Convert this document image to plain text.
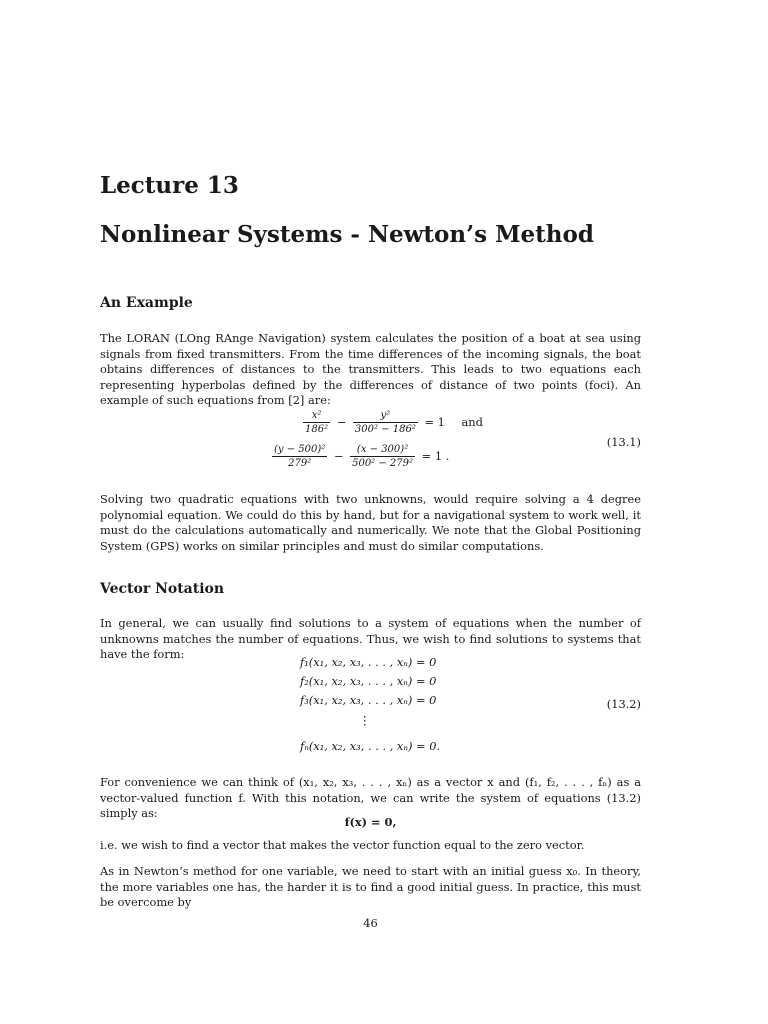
Lecture 13
Nonlinear Systems - Newton’s Method
An Example

The LORAN (LOng RAnge Navigation) system calculates the position of a boat at sea using signals from fixed transmitters. From the time differences of the incoming signals, the boat obtains differences of distances to the transmitters. This leads to two equations each representing hyperbolas defined by the differences of distance of two points (foci). An example of such equations from [2] are:

$\frac{\text{x²}}{\text{186²}} - \frac{\text{y²}}{\text{300² − 186²}} = 1$ and
$\frac{\text{(y − 500)²}}{\text{279²}} - \frac{\text{(x − 300)²}}{\text{500² − 279²}} = 1$ .
(13.1)

Solving two quadratic equations with two unknowns, would require solving a 4 degree polynomial equation. We could do this by hand, but for a navigational system to work well, it must do the calculations automatically and numerically. We note that the Global Positioning System (GPS) works on similar principles and must do similar computations.

Vector Notation

In general, we can usually find solutions to a system of equations when the number of unknowns matches the number of equations. Thus, we wish to find solutions to systems that have the form:

f₁(x₁, x₂, x₃, . . . , xₙ) = 0
f₂(x₁, x₂, x₃, . . . , xₙ) = 0
f₃(x₁, x₂, x₃, . . . , xₙ) = 0
⋮
fₙ(x₁, x₂, x₃, . . . , xₙ) = 0.
(13.2)

For convenience we can think of (x₁, x₂, x₃, . . . , xₙ) as a vector x and (f₁, f₂, . . . , fₙ) as a vector-valued function f. With this notation, we can write the system of equations (13.2) simply as:

f(x) = 0,

i.e. we wish to find a vector that makes the vector function equal to the zero vector.

As in Newton’s method for one variable, we need to start with an initial guess x₀. In theory, the more variables one has, the harder it is to find a good initial guess. In practice, this must be overcome by

46
